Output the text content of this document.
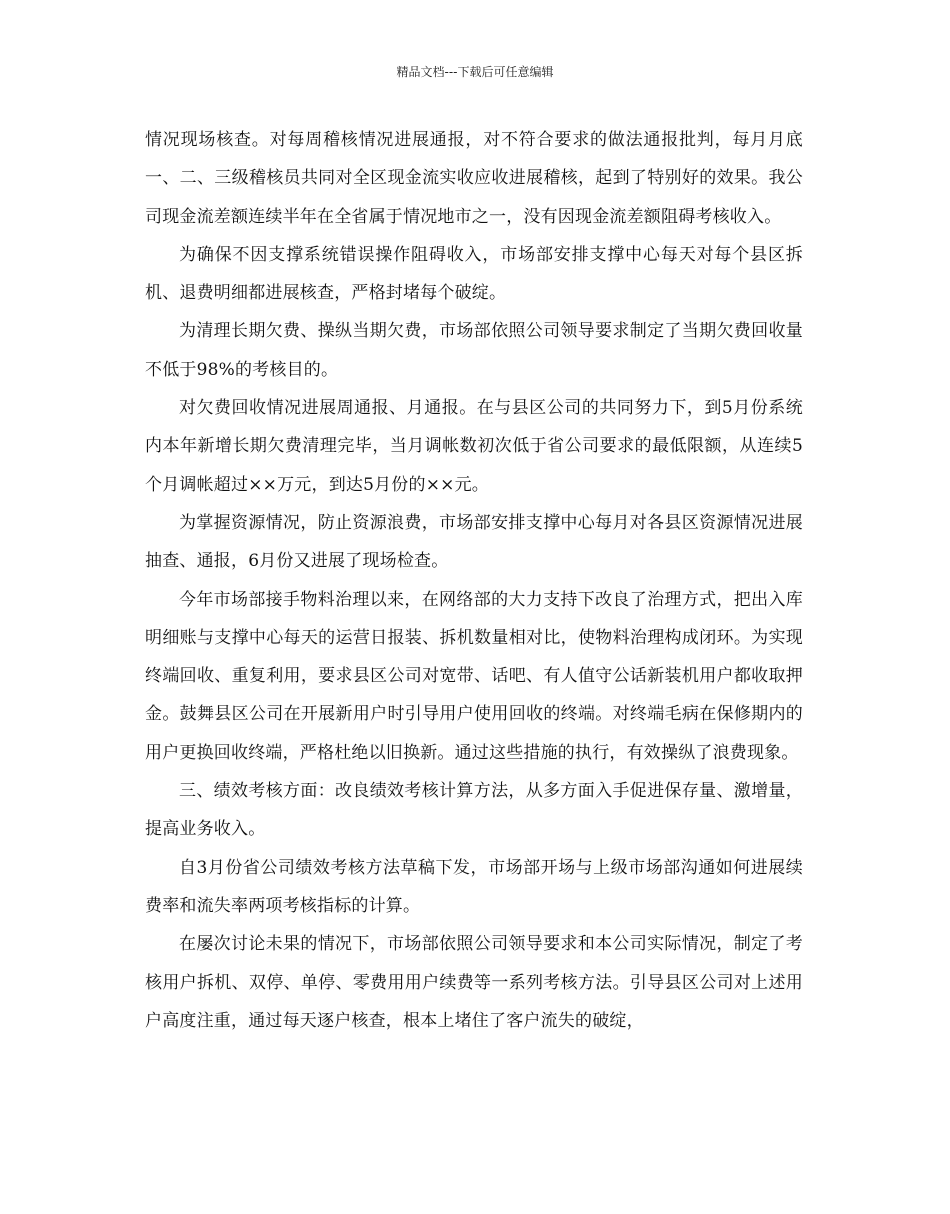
精品文档---下载后可任意编辑

情况现场核查。对每周稽核情况进展通报，对不符合要求的做法通报批判，每月月底一、二、三级稽核员共同对全区现金流实收应收进展稽核，起到了特别好的效果。我公司现金流差额连续半年在全省属于情况地市之一，没有因现金流差额阻碍考核收入。

为确保不因支撑系统错误操作阻碍收入，市场部安排支撑中心每天对每个县区拆机、退费明细都进展核查，严格封堵每个破绽。

为清理长期欠费、操纵当期欠费，市场部依照公司领导要求制定了当期欠费回收量不低于98%的考核目的。

对欠费回收情况进展周通报、月通报。在与县区公司的共同努力下，到5月份系统内本年新增长期欠费清理完毕，当月调帐数初次低于省公司要求的最低限额，从连续5个月调帐超过××万元，到达5月份的××元。

为掌握资源情况，防止资源浪费，市场部安排支撑中心每月对各县区资源情况进展抽查、通报，6月份又进展了现场检查。

今年市场部接手物料治理以来，在网络部的大力支持下改良了治理方式，把出入库明细账与支撑中心每天的运营日报装、拆机数量相对比，使物料治理构成闭环。为实现终端回收、重复利用，要求县区公司对宽带、话吧、有人值守公话新装机用户都收取押金。鼓舞县区公司在开展新用户时引导用户使用回收的终端。对终端毛病在保修期内的用户更换回收终端，严格杜绝以旧换新。通过这些措施的执行，有效操纵了浪费现象。

三、绩效考核方面：改良绩效考核计算方法，从多方面入手促进保存量、激增量，提高业务收入。

自3月份省公司绩效考核方法草稿下发，市场部开场与上级市场部沟通如何进展续费率和流失率两项考核指标的计算。

在屡次讨论未果的情况下，市场部依照公司领导要求和本公司实际情况，制定了考核用户拆机、双停、单停、零费用用户续费等一系列考核方法。引导县区公司对上述用户高度注重，通过每天逐户核查，根本上堵住了客户流失的破绽，
